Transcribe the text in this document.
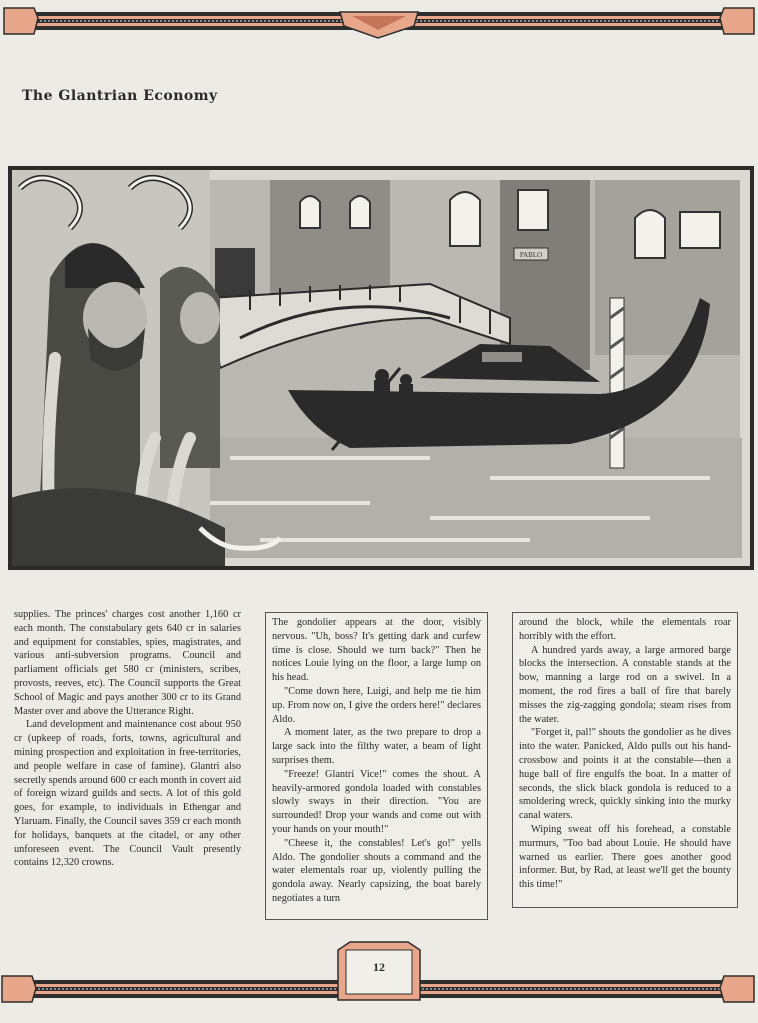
The Glantrian Economy
PABLO

supplies. The princes' charges cost another 1,160 cr each month. The constabulary gets 640 cr in salaries and equipment for constables, spies, magistrates, and various anti-subversion programs. Council and parliament officials get 580 cr (ministers, scribes, provosts, reeves, etc). The Council supports the Great School of Magic and pays another 300 cr to its Grand Master over and above the Utterance Right.

Land development and maintenance cost about 950 cr (upkeep of roads, forts, towns, agricultural and mining prospection and exploitation in free-territories, and people welfare in case of famine). Glantri also secretly spends around 600 cr each month in covert aid of foreign wizard guilds and sects. A lot of this gold goes, for example, to individuals in Ethengar and Ylaruam. Finally, the Council saves 359 cr each month for holidays, banquets at the citadel, or any other unforeseen event. The Council Vault presently contains 12,320 crowns.

The gondolier appears at the door, visibly nervous. "Uh, boss? It's getting dark and curfew time is close. Should we turn back?" Then he notices Louie lying on the floor, a large lump on his head.

"Come down here, Luigi, and help me tie him up. From now on, I give the orders here!" declares Aldo.

A moment later, as the two prepare to drop a large sack into the filthy water, a beam of light surprises them.

"Freeze! Glantri Vice!" comes the shout. A heavily-armored gondola loaded with constables slowly sways in their direction. "You are surrounded! Drop your wands and come out with your hands on your mouth!"

"Cheese it, the constables! Let's go!" yells Aldo. The gondolier shouts a command and the water elementals roar up, violently pulling the gondola away. Nearly capsizing, the boat barely negotiates a turn

around the block, while the elementals roar horribly with the effort.

A hundred yards away, a large armored barge blocks the intersection. A constable stands at the bow, manning a large rod on a swivel. In a moment, the rod fires a ball of fire that barely misses the zig-zagging gondola; steam rises from the water.

"Forget it, pal!" shouts the gondolier as he dives into the water. Panicked, Aldo pulls out his hand-crossbow and points it at the constable—then a huge ball of fire engulfs the boat. In a matter of seconds, the slick black gondola is reduced to a smoldering wreck, quickly sinking into the murky canal waters.

Wiping sweat off his forehead, a constable murmurs, "Too bad about Louie. He should have warned us earlier. There goes another good informer. But, by Rad, at least we'll get the bounty this time!"

12
